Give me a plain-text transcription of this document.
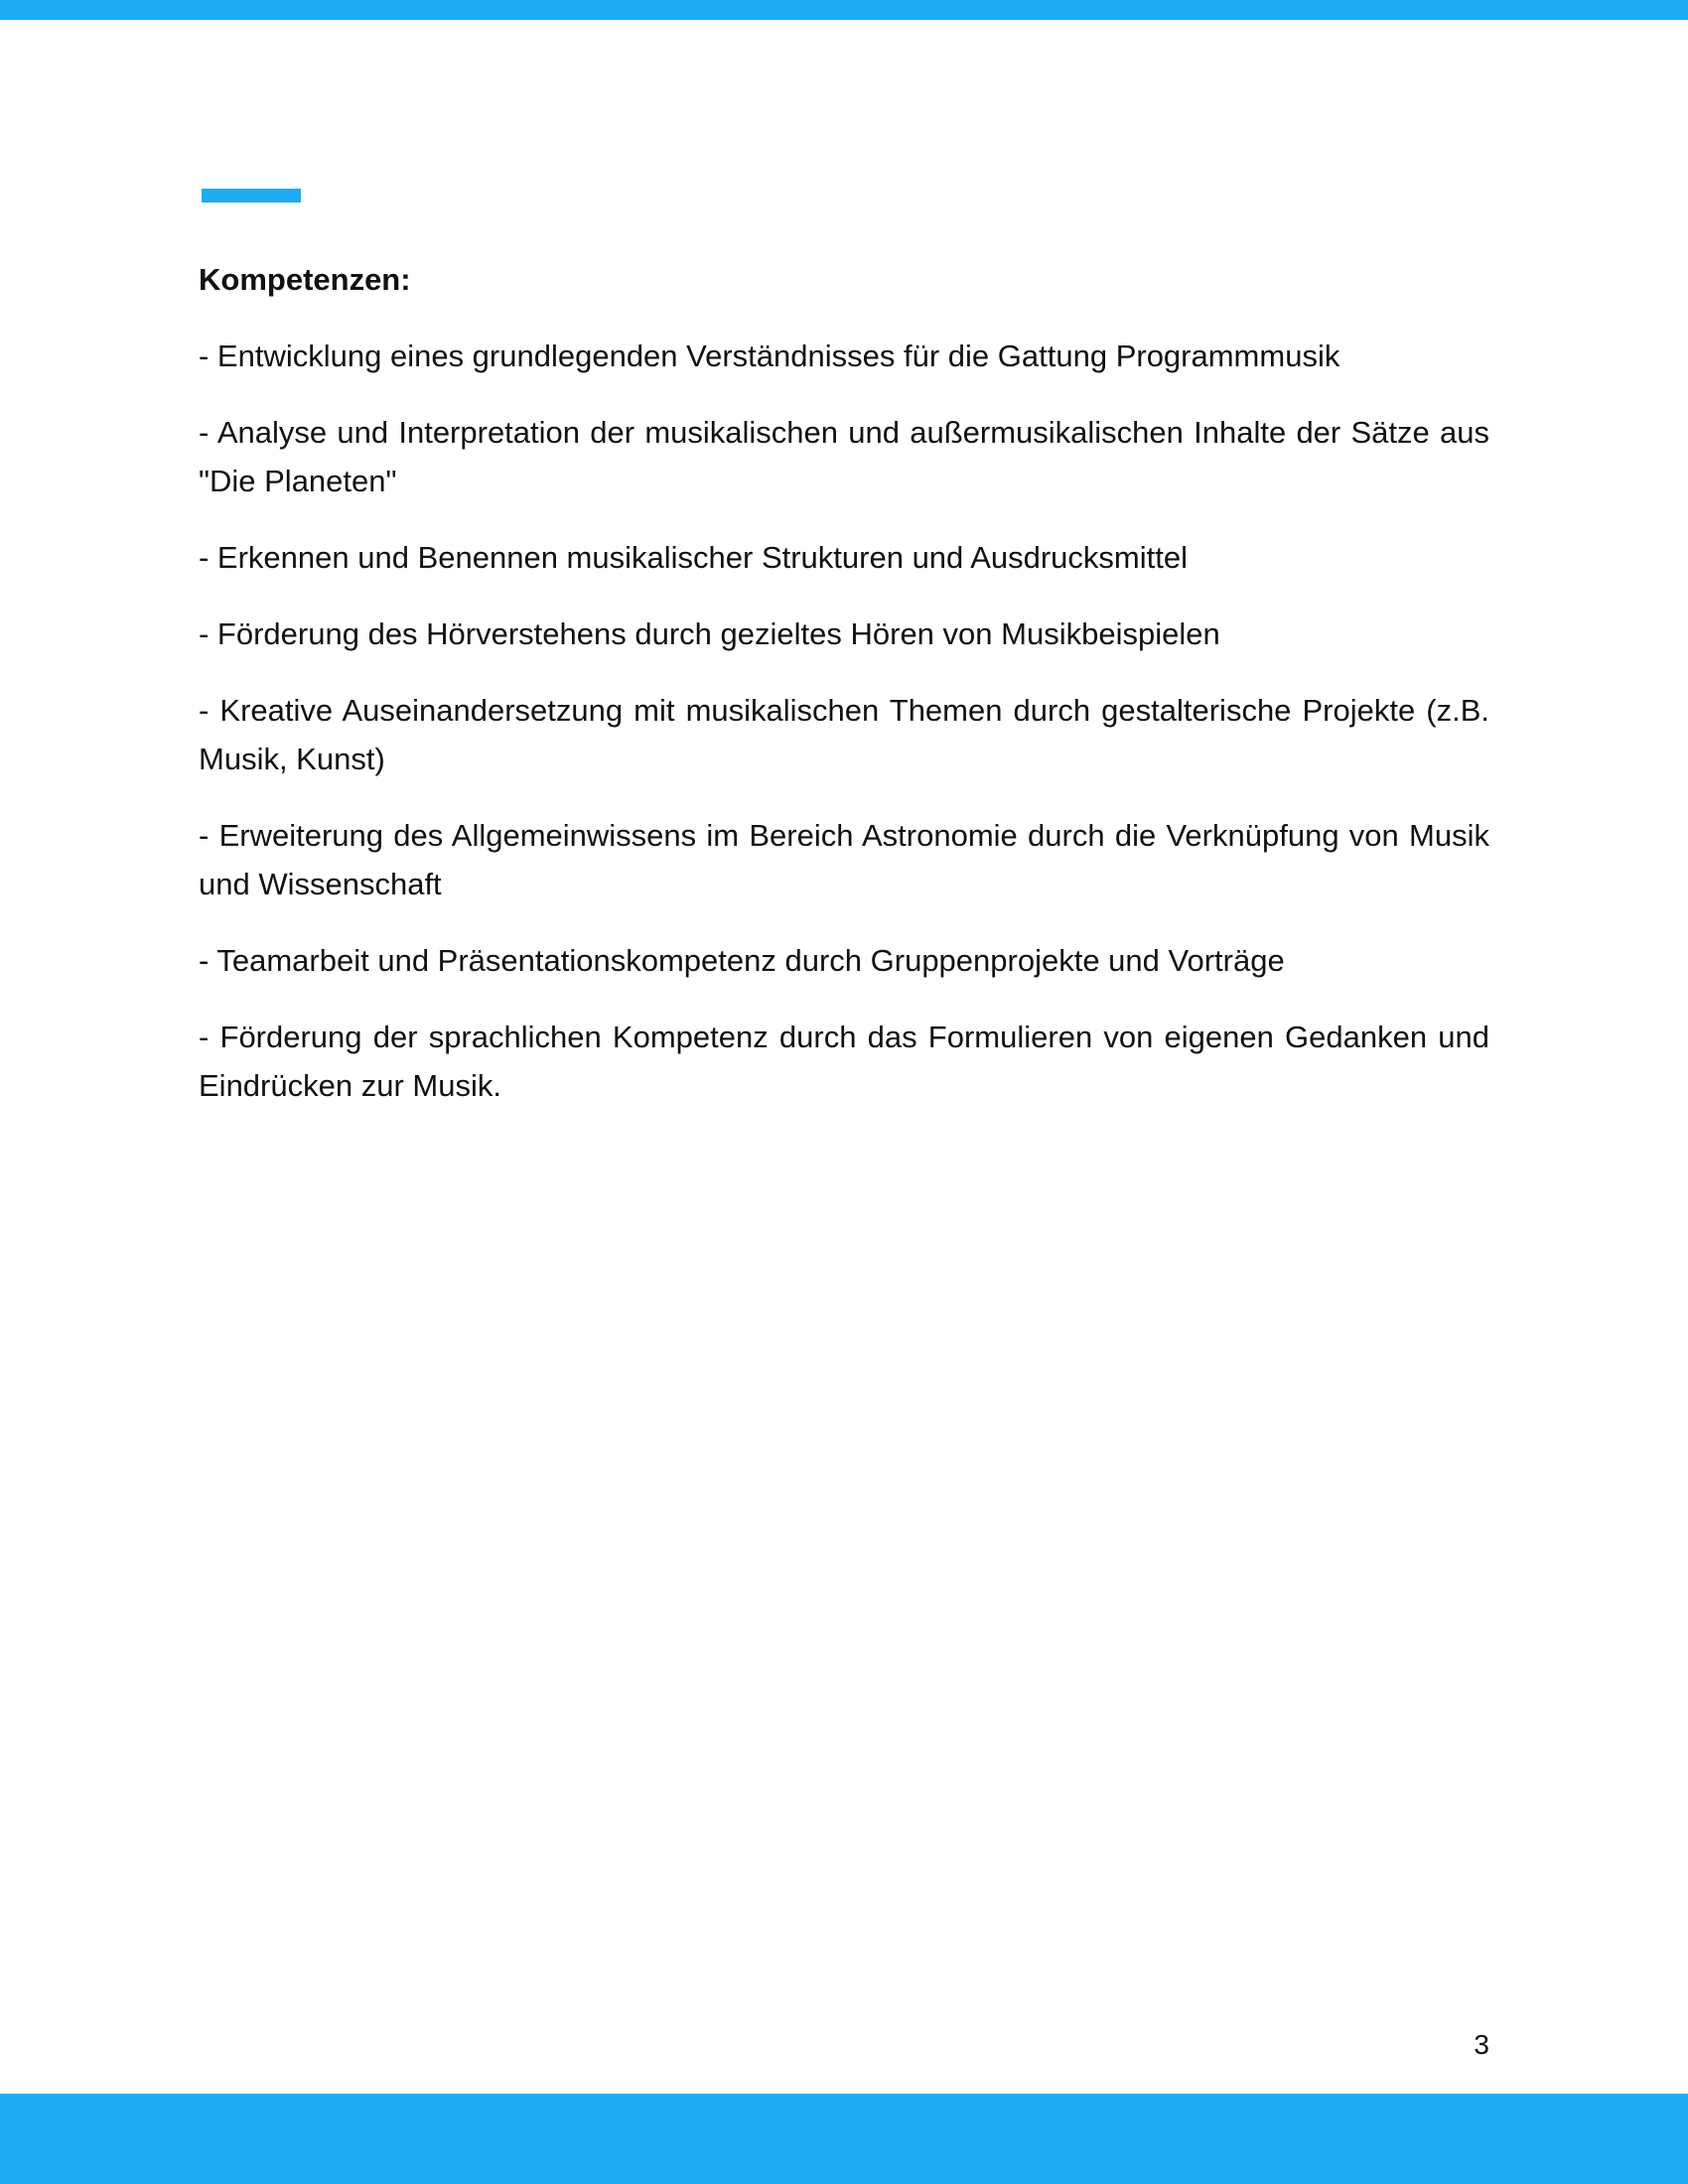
Kompetenzen:
- Entwicklung eines grundlegenden Verständnisses für die Gattung Programmmusik
- Analyse und Interpretation der musikalischen und außermusikalischen Inhalte der Sätze aus "Die Planeten"
- Erkennen und Benennen musikalischer Strukturen und Ausdrucksmittel
- Förderung des Hörverstehens durch gezieltes Hören von Musikbeispielen
- Kreative Auseinandersetzung mit musikalischen Themen durch gestalterische Projekte (z.B. Musik, Kunst)
- Erweiterung des Allgemeinwissens im Bereich Astronomie durch die Verknüpfung von Musik und Wissenschaft
- Teamarbeit und Präsentationskompetenz durch Gruppenprojekte und Vorträge
- Förderung der sprachlichen Kompetenz durch das Formulieren von eigenen Gedanken und Eindrücken zur Musik.
3
